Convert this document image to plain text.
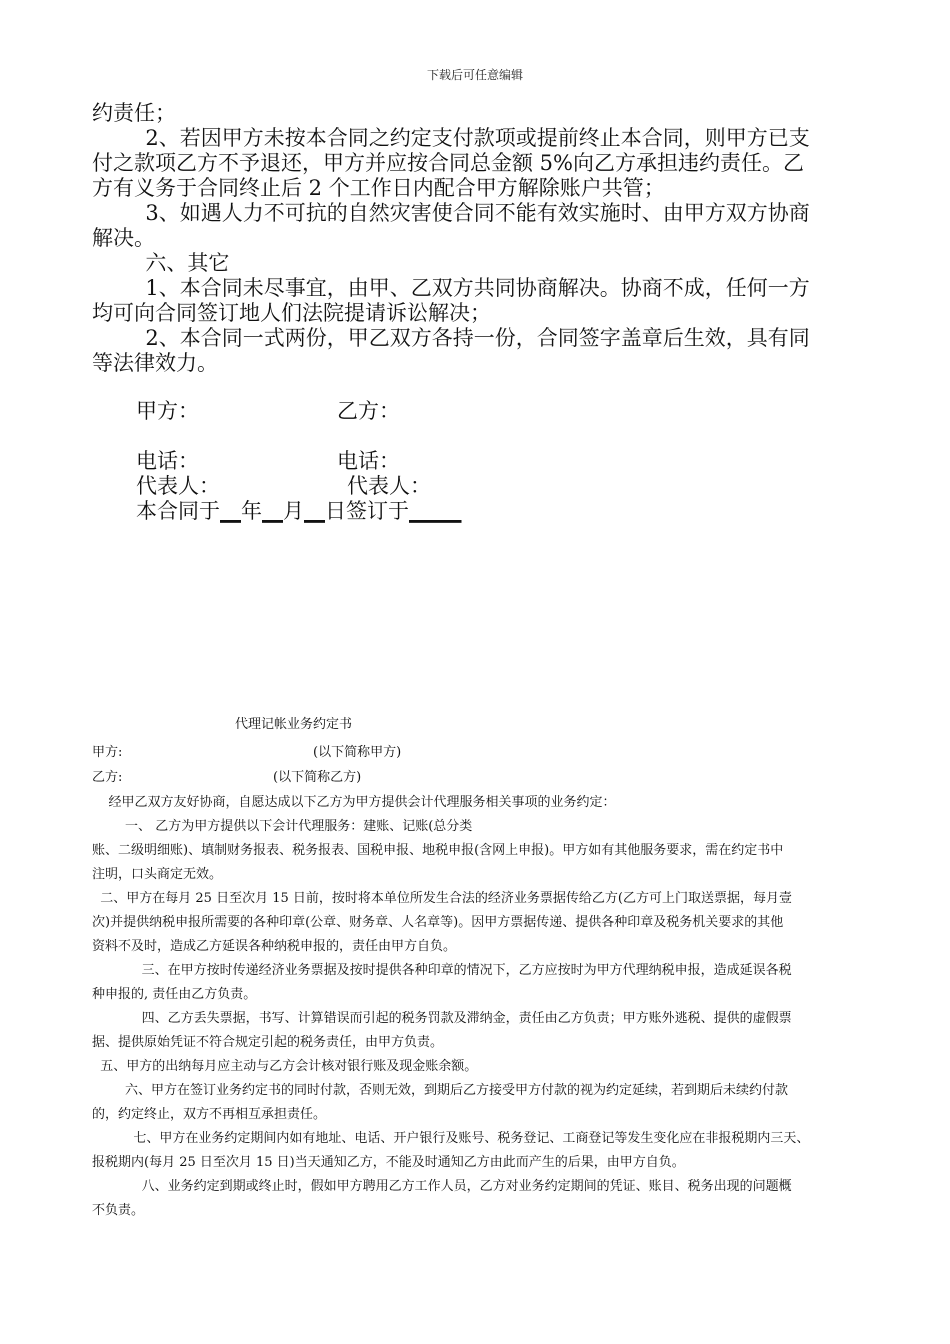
下载后可任意编辑

约责任；

2、若因甲方未按本合同之约定支付款项或提前终止本合同，则甲方已支

付之款项乙方不予退还，甲方并应按合同总金额 5%向乙方承担违约责任。乙

方有义务于合同终止后 2 个工作日内配合甲方解除账户共管；

3、如遇人力不可抗的自然灾害使合同不能有效实施时、由甲方双方协商

解决。

六、其它

1、本合同未尽事宜，由甲、乙双方共同协商解决。协商不成，任何一方

均可向合同签订地人们法院提请诉讼解决；

2、本合同一式两份，甲乙双方各持一份，合同签字盖章后生效，具有同

等法律效力。

甲方：	乙方：
电话：	电话：
代表人：	代表人：
本合同于__年__月__日签订于_____
代理记帐业务约定书
甲方:	(以下简称甲方)
乙方:	(以下简称乙方)

经甲乙双方友好协商，自愿达成以下乙方为甲方提供会计代理服务相关事项的业务约定：

一、 乙方为甲方提供以下会计代理服务：建账、记账(总分类

账、二级明细账)、填制财务报表、税务报表、国税申报、地税申报(含网上申报)。甲方如有其他服务要求，需在约定书中

注明，口头商定无效。

二、甲方在每月 25 日至次月 15 日前，按时将本单位所发生合法的经济业务票据传给乙方(乙方可上门取送票据，每月壹

次)并提供纳税申报所需要的各种印章(公章、财务章、人名章等)。因甲方票据传递、提供各种印章及税务机关要求的其他

资料不及时，造成乙方延误各种纳税申报的，责任由甲方自负。

三、在甲方按时传递经济业务票据及按时提供各种印章的情况下，乙方应按时为甲方代理纳税申报，造成延误各税

种申报的, 责任由乙方负责。

四、乙方丢失票据，书写、计算错误而引起的税务罚款及滞纳金，责任由乙方负责；甲方账外逃税、提供的虚假票

据、提供原始凭证不符合规定引起的税务责任，由甲方负责。

五、甲方的出纳每月应主动与乙方会计核对银行账及现金账余额。

六、甲方在签订业务约定书的同时付款，否则无效，到期后乙方接受甲方付款的视为约定延续，若到期后未续约付款

的，约定终止，双方不再相互承担责任。

七、甲方在业务约定期间内如有地址、电话、开户银行及账号、税务登记、工商登记等发生变化应在非报税期内三天、

报税期内(每月 25 日至次月 15 日)当天通知乙方，不能及时通知乙方由此而产生的后果，由甲方自负。

八、业务约定到期或终止时，假如甲方聘用乙方工作人员，乙方对业务约定期间的凭证、账目、税务出现的问题概

不负责。
